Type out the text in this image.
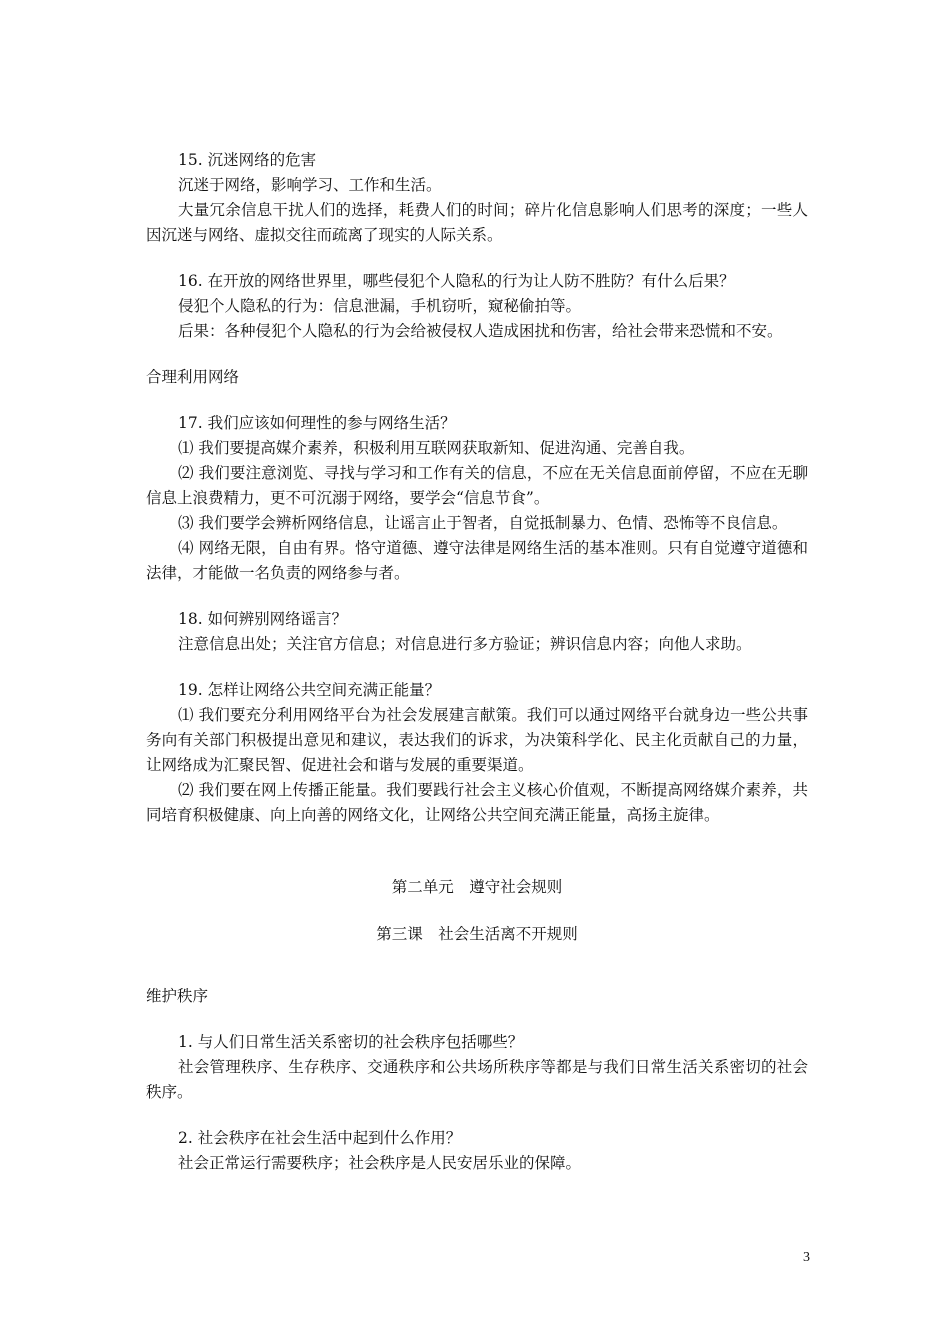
15. 沉迷网络的危害

沉迷于网络，影响学习、工作和生活。

大量冗余信息干扰人们的选择，耗费人们的时间；碎片化信息影响人们思考的深度；一些人因沉迷与网络、虚拟交往而疏离了现实的人际关系。

16. 在开放的网络世界里，哪些侵犯个人隐私的行为让人防不胜防？有什么后果？

侵犯个人隐私的行为：信息泄漏，手机窃听，窥秘偷拍等。

后果：各种侵犯个人隐私的行为会给被侵权人造成困扰和伤害，给社会带来恐慌和不安。

合理利用网络

17. 我们应该如何理性的参与网络生活？

⑴ 我们要提高媒介素养，积极利用互联网获取新知、促进沟通、完善自我。

⑵ 我们要注意浏览、寻找与学习和工作有关的信息，不应在无关信息面前停留，不应在无聊信息上浪费精力，更不可沉溺于网络，要学会“信息节食”。

⑶ 我们要学会辨析网络信息，让谣言止于智者，自觉抵制暴力、色情、恐怖等不良信息。

⑷ 网络无限，自由有界。恪守道德、遵守法律是网络生活的基本准则。只有自觉遵守道德和法律，才能做一名负责的网络参与者。

18. 如何辨别网络谣言？

注意信息出处；关注官方信息；对信息进行多方验证；辨识信息内容；向他人求助。

19. 怎样让网络公共空间充满正能量？

⑴ 我们要充分利用网络平台为社会发展建言献策。我们可以通过网络平台就身边一些公共事务向有关部门积极提出意见和建议，表达我们的诉求，为决策科学化、民主化贡献自己的力量，让网络成为汇聚民智、促进社会和谐与发展的重要渠道。

⑵ 我们要在网上传播正能量。我们要践行社会主义核心价值观，不断提高网络媒介素养，共同培育积极健康、向上向善的网络文化，让网络公共空间充满正能量，高扬主旋律。

第二单元　遵守社会规则

第三课　社会生活离不开规则

维护秩序

1. 与人们日常生活关系密切的社会秩序包括哪些？

社会管理秩序、生存秩序、交通秩序和公共场所秩序等都是与我们日常生活关系密切的社会秩序。

2. 社会秩序在社会生活中起到什么作用？

社会正常运行需要秩序；社会秩序是人民安居乐业的保障。

3
